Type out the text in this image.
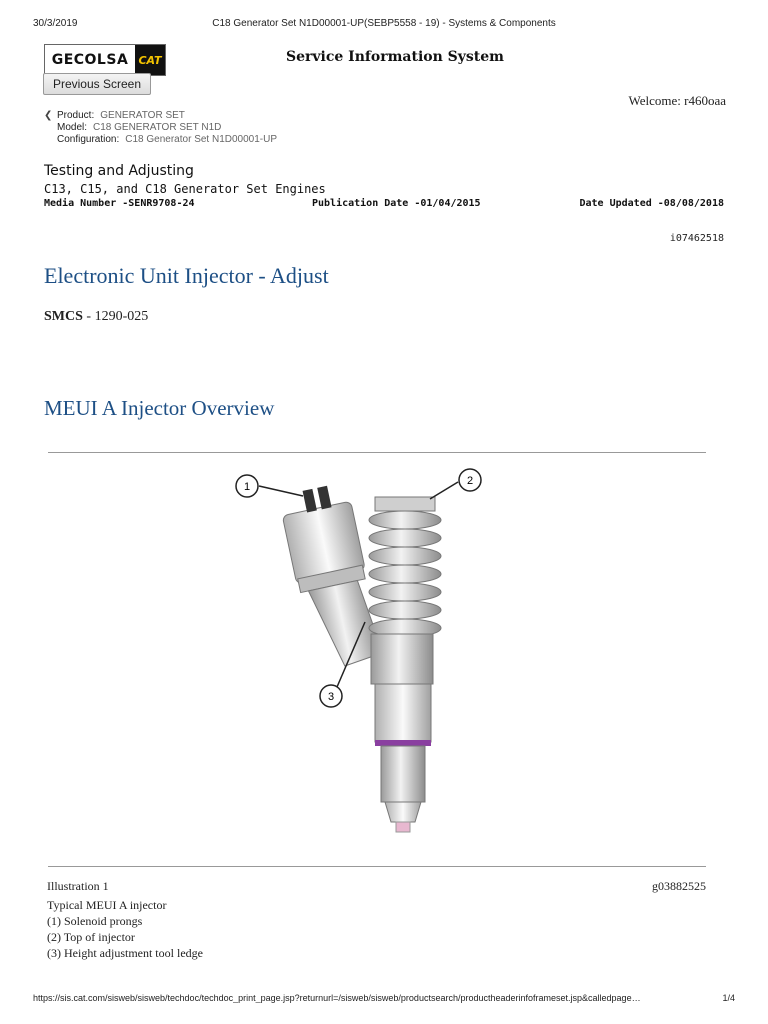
30/3/2019	C18 Generator Set N1D00001-UP(SEBP5558 - 19) - Systems & Components
GECOLSA CAT
Previous Screen
Service Information System
Welcome: r460oaa
❮ Product: GENERATOR SET
Model: C18 GENERATOR SET N1D
Configuration: C18 Generator Set N1D00001-UP
Testing and Adjusting
C13, C15, and C18 Generator Set Engines
Media Number -SENR9708-24	Publication Date -01/04/2015	Date Updated -08/08/2018
i07462518
Electronic Unit Injector - Adjust
SMCS - 1290-025
MEUI A Injector Overview
1	2
3
Illustration 1	g03882525
Typical MEUI A injector
(1) Solenoid prongs
(2) Top of injector
(3) Height adjustment tool ledge
https://sis.cat.com/sisweb/sisweb/techdoc/techdoc_print_page.jsp?returnurl=/sisweb/sisweb/productsearch/productheaderinfoframeset.jsp&calledpage…	1/4
